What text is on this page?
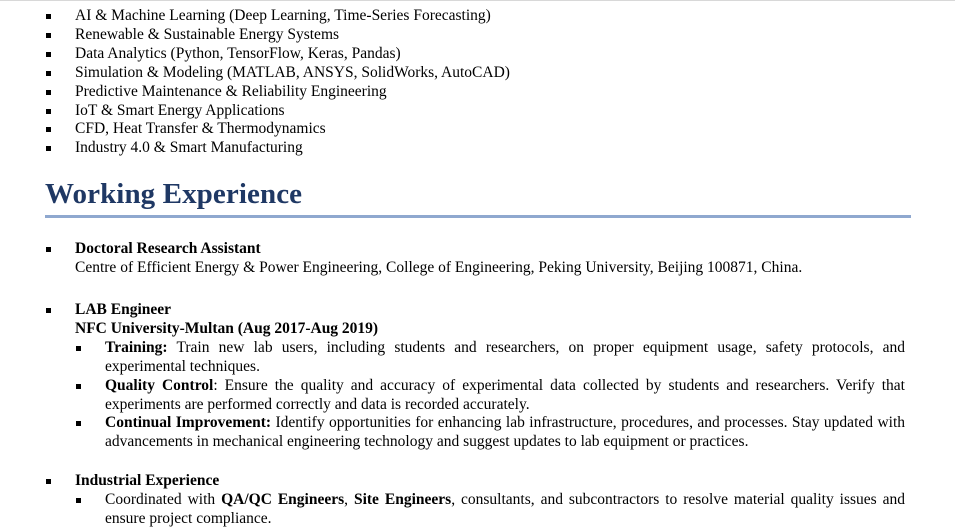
AI & Machine Learning (Deep Learning, Time-Series Forecasting)
Renewable & Sustainable Energy Systems
Data Analytics (Python, TensorFlow, Keras, Pandas)
Simulation & Modeling (MATLAB, ANSYS, SolidWorks, AutoCAD)
Predictive Maintenance & Reliability Engineering
IoT & Smart Energy Applications
CFD, Heat Transfer & Thermodynamics
Industry 4.0 & Smart Manufacturing
Working Experience
Doctoral Research Assistant
Centre of Efficient Energy & Power Engineering, College of Engineering, Peking University, Beijing 100871, China.
LAB Engineer
NFC University-Multan (Aug 2017-Aug 2019)
Training: Train new lab users, including students and researchers, on proper equipment usage, safety protocols, and experimental techniques.
Quality Control: Ensure the quality and accuracy of experimental data collected by students and researchers. Verify that experiments are performed correctly and data is recorded accurately.
Continual Improvement: Identify opportunities for enhancing lab infrastructure, procedures, and processes. Stay updated with advancements in mechanical engineering technology and suggest updates to lab equipment or practices.
Industrial Experience
Coordinated with QA/QC Engineers, Site Engineers, consultants, and subcontractors to resolve material quality issues and ensure project compliance.
